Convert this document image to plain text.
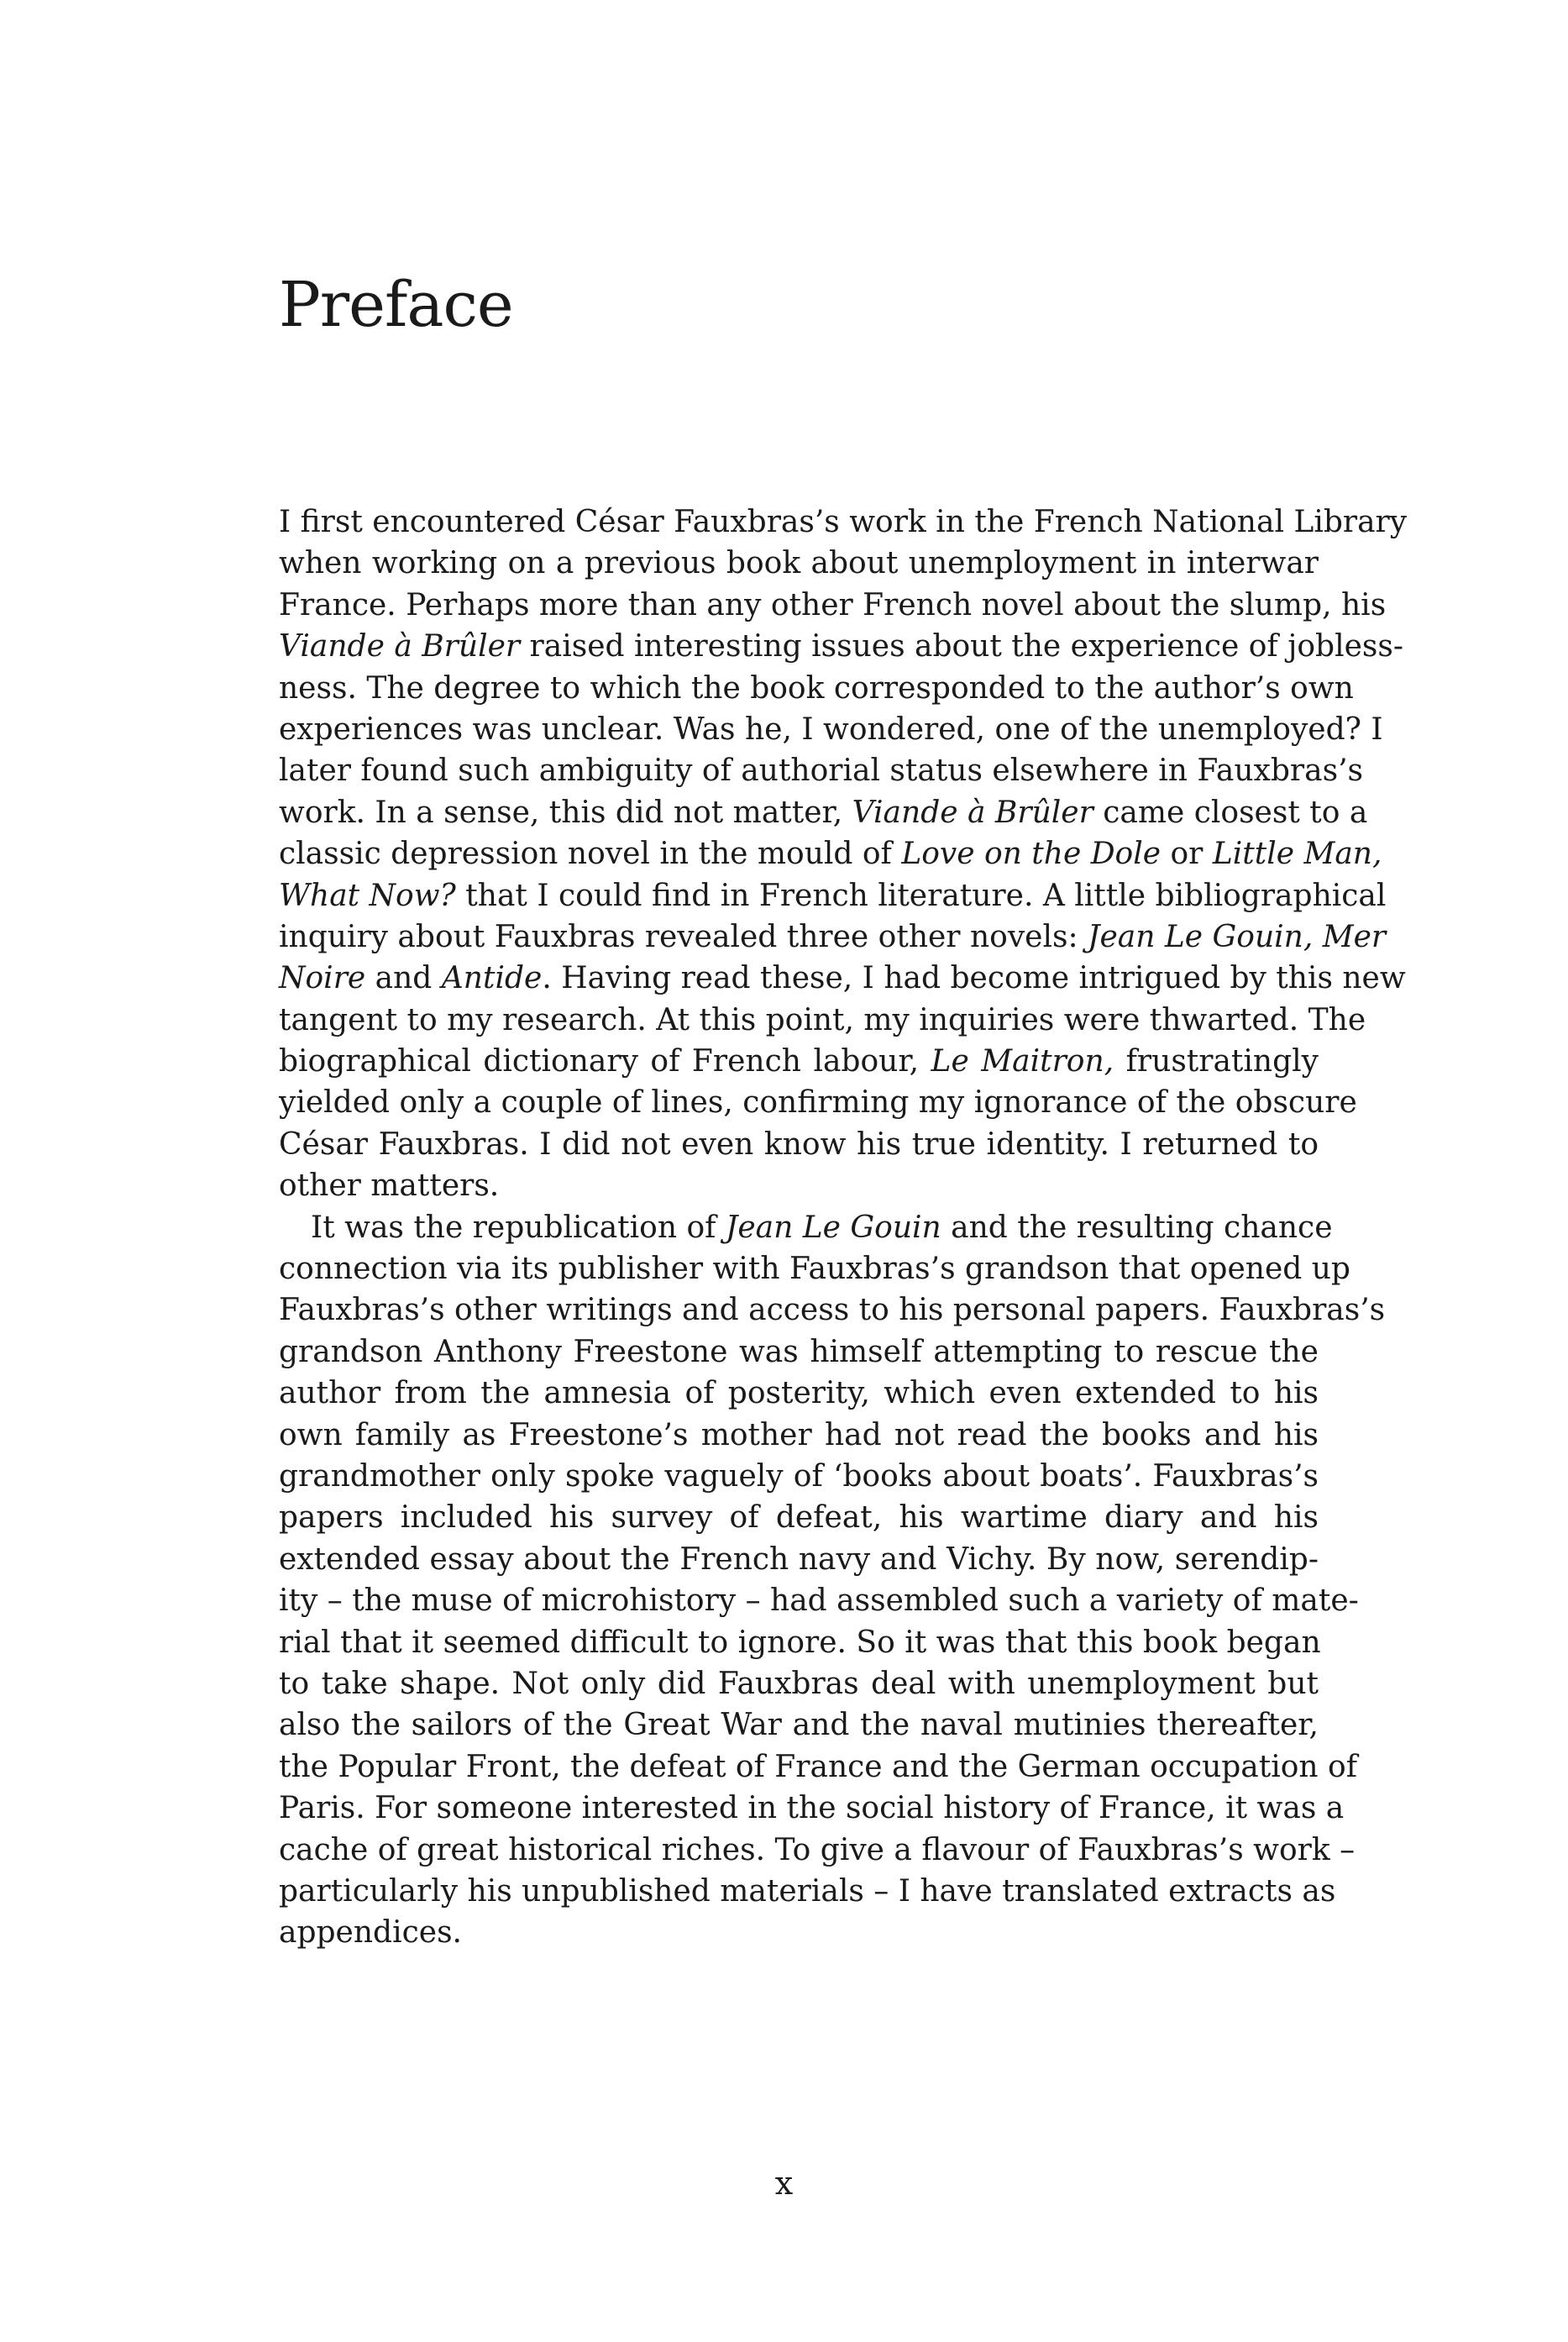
Preface
I first encountered César Fauxbras’s work in the French National Library
when working on a previous book about unemployment in interwar
France. Perhaps more than any other French novel about the slump, his
Viande à Brûler raised interesting issues about the experience of jobless-
ness. The degree to which the book corresponded to the author’s own
experiences was unclear. Was he, I wondered, one of the unemployed? I
later found such ambiguity of authorial status elsewhere in Fauxbras’s
work. In a sense, this did not matter, Viande à Brûler came closest to a
classic depression novel in the mould of Love on the Dole or Little Man,
What Now? that I could find in French literature. A little bibliographical
inquiry about Fauxbras revealed three other novels: Jean Le Gouin, Mer
Noire and Antide. Having read these, I had become intrigued by this new
tangent to my research. At this point, my inquiries were thwarted. The
biographical dictionary of French labour, Le Maitron, frustratingly
yielded only a couple of lines, confirming my ignorance of the obscure
César Fauxbras. I did not even know his true identity. I returned to
other matters.
It was the republication of Jean Le Gouin and the resulting chance
connection via its publisher with Fauxbras’s grandson that opened up
Fauxbras’s other writings and access to his personal papers. Fauxbras’s
grandson Anthony Freestone was himself attempting to rescue the
author from the amnesia of posterity, which even extended to his
own family as Freestone’s mother had not read the books and his
grandmother only spoke vaguely of ‘books about boats’. Fauxbras’s
papers included his survey of defeat, his wartime diary and his
extended essay about the French navy and Vichy. By now, serendip-
ity – the muse of microhistory – had assembled such a variety of mate-
rial that it seemed difficult to ignore. So it was that this book began
to take shape. Not only did Fauxbras deal with unemployment but
also the sailors of the Great War and the naval mutinies thereafter,
the Popular Front, the defeat of France and the German occupation of
Paris. For someone interested in the social history of France, it was a
cache of great historical riches. To give a flavour of Fauxbras’s work –
particularly his unpublished materials – I have translated extracts as
appendices.
x
